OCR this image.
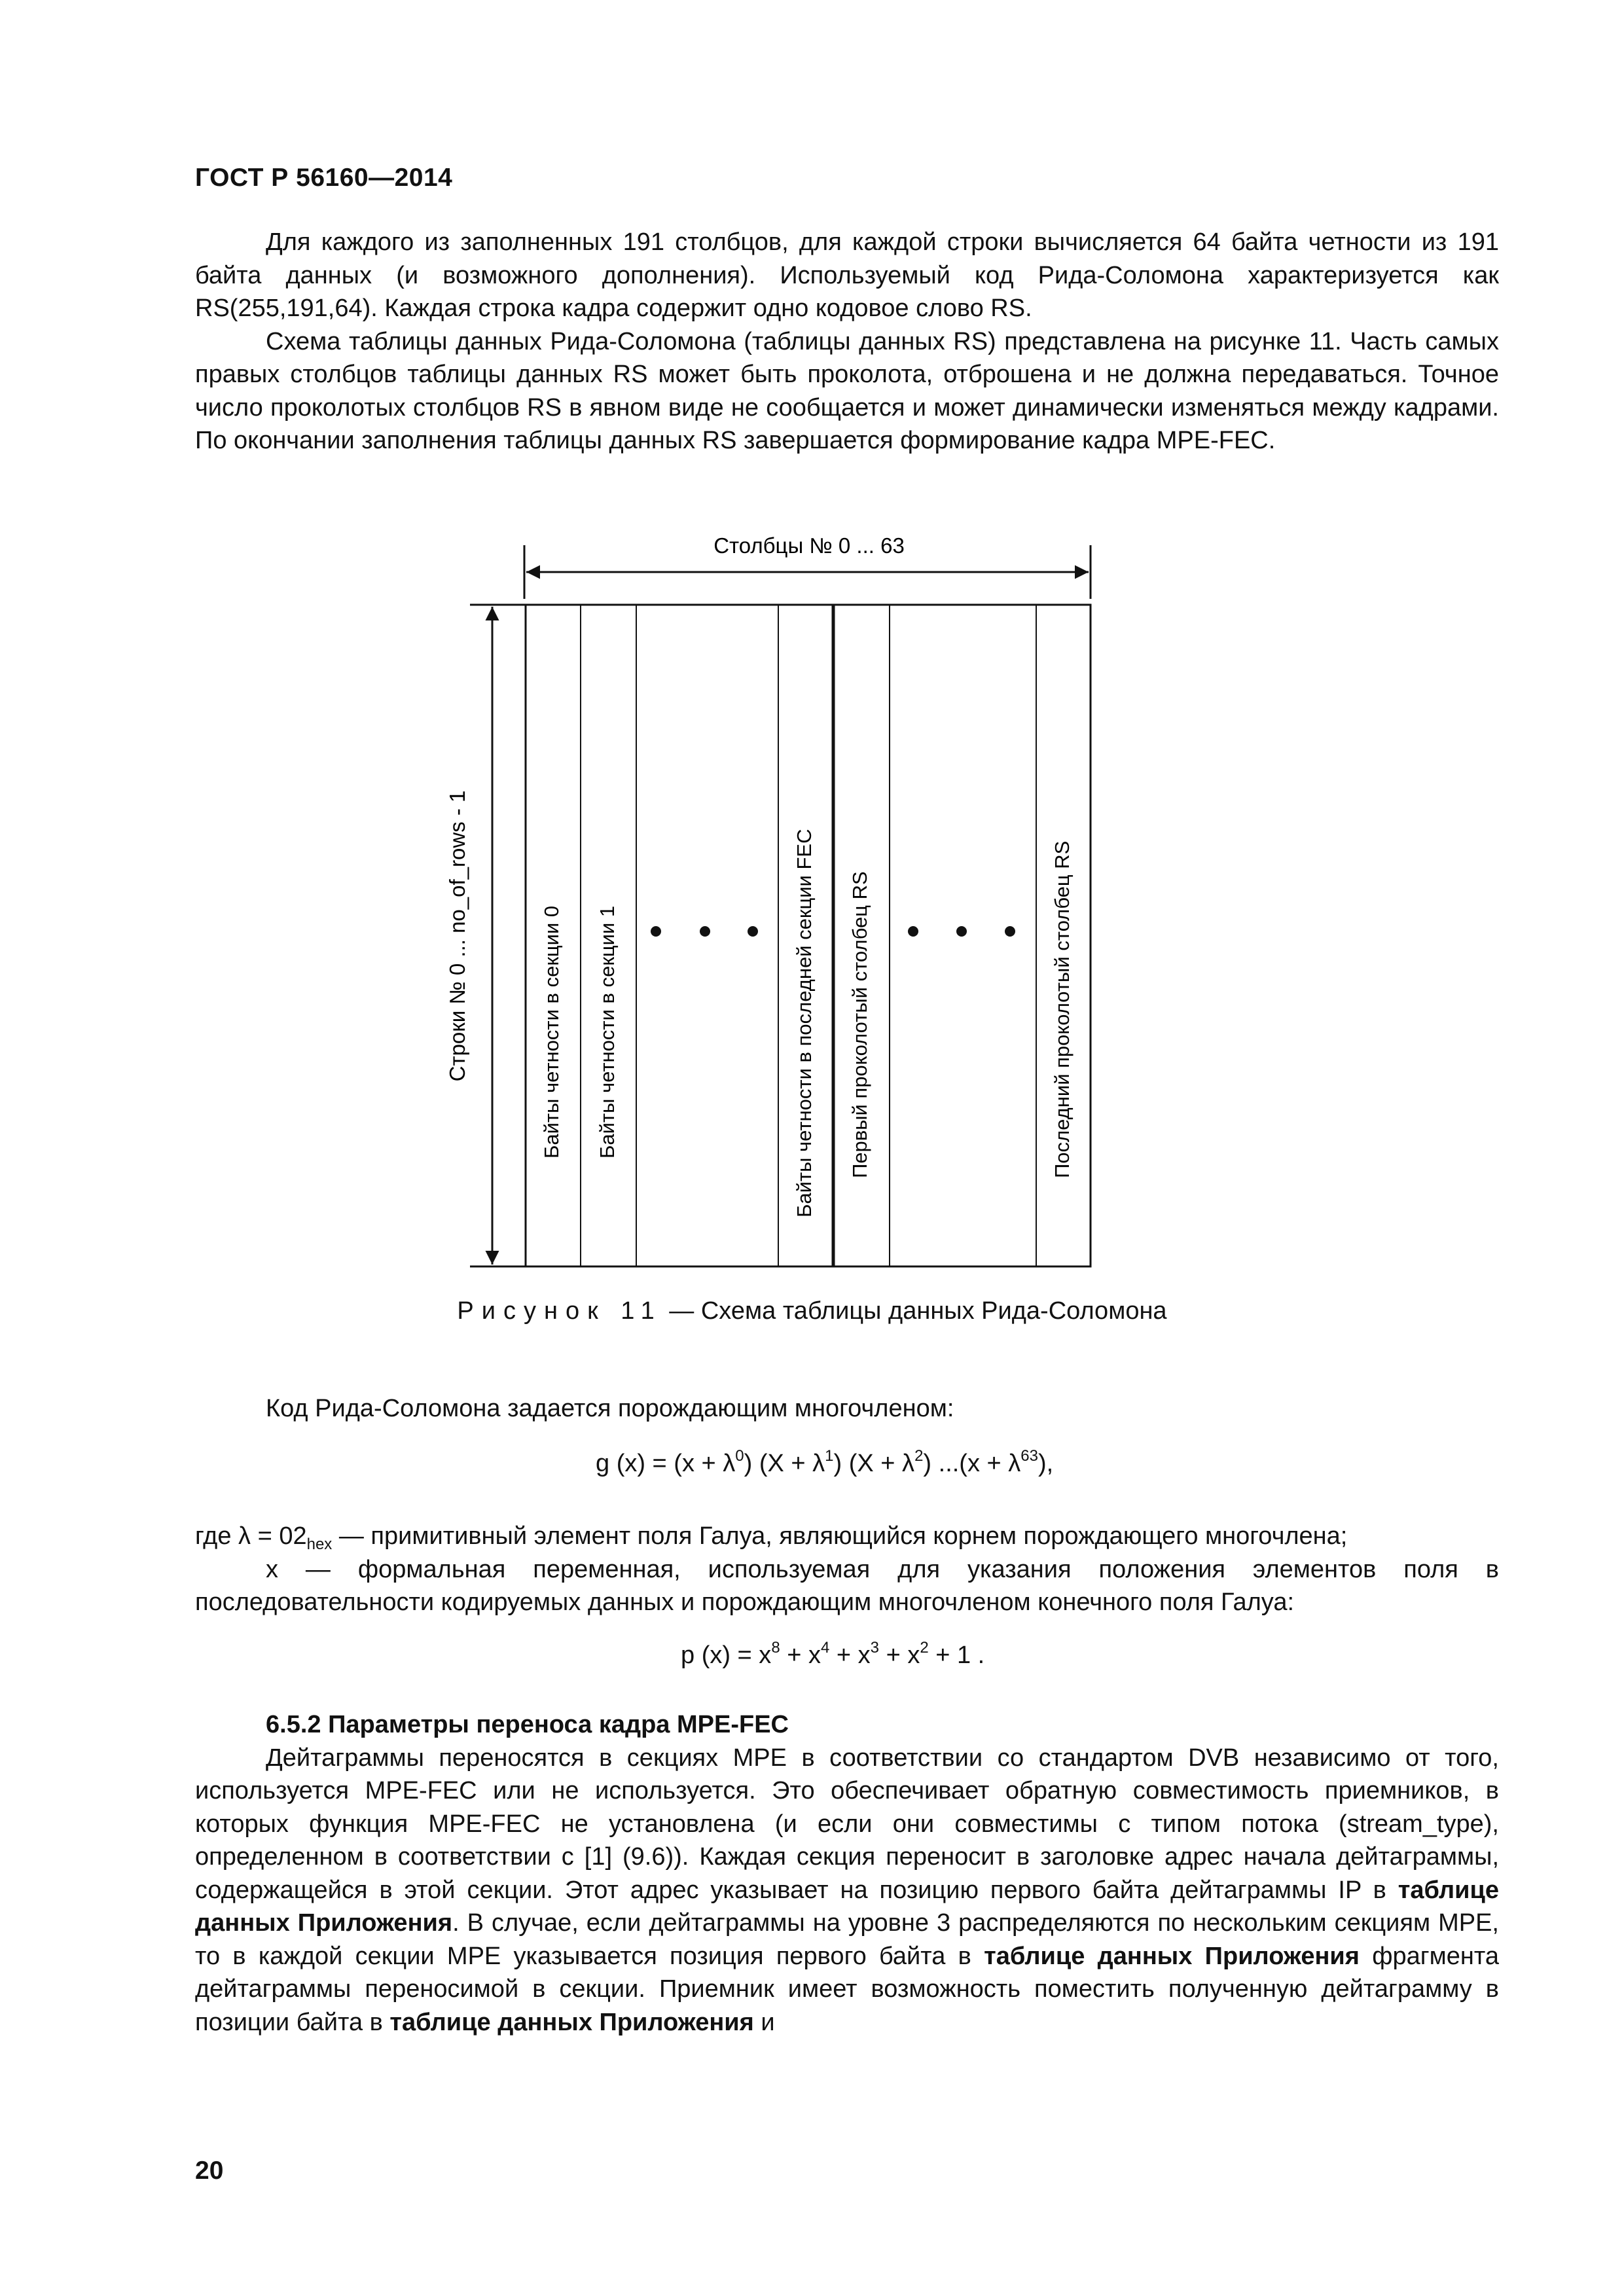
ГОСТ Р 56160—2014

Для каждого из заполненных 191 столбцов, для каждой строки вычисляется 64 байта четности из 191 байта данных (и возможного дополнения). Используемый код Рида-Соломона характеризуется как RS(255,191,64). Каждая строка кадра содержит одно кодовое слово RS.

Схема таблицы данных Рида-Соломона (таблицы данных RS) представлена на рисунке 11. Часть самых правых столбцов таблицы данных RS может быть проколота, отброшена и не должна передаваться. Точное число проколотых столбцов RS в явном виде не сообщается и может динамически изменяться между кадрами. По окончании заполнения таблицы данных RS завершается формирование кадра MPE-FEC.

Столбцы № 0 ... 63
Строки № 0 ... no_of_rows - 1	Байты четности в секции 0 Байты четности в секции 1	Байты четности в последней секции FEC Первый проколотый столбец RS	Последний проколотый столбец RS
Рисунок 11 — Схема таблицы данных Рида-Соломона

Код Рида-Соломона задается порождающим многочленом:

g $(x) = (x + \lambda^0)$ $(X + \lambda^1)$ $(X + \lambda^2)$ $...(x + \lambda^{63})$,

где $\lambda = 02_{hex}$ — примитивный элемент поля Галуа, являющийся корнем порождающего многочлена;

x — формальная переменная, используемая для указания положения элементов поля в последовательности кодируемых данных и порождающим многочленом конечного поля Галуа:

p $(x) = x^8 + x^4 + x^3 + x^2 + 1$ .

6.5.2 Параметры переноса кадра MPE-FEC

Дейтаграммы переносятся в секциях MPE в соответствии со стандартом DVB независимо от того, используется MPE-FEC или не используется. Это обеспечивает обратную совместимость приемников, в которых функция MPE-FEC не установлена (и если они совместимы с типом потока (stream_type), определенном в соответствии с [1] (9.6)). Каждая секция переносит в заголовке адрес начала дейтаграммы, содержащейся в этой секции. Этот адрес указывает на позицию первого байта дейтаграммы IP в таблице данных Приложения. В случае, если дейтаграммы на уровне 3 распределяются по нескольким секциям MPE, то в каждой секции MPE указывается позиция первого байта в таблице данных Приложения фрагмента дейтаграммы переносимой в секции. Приемник имеет возможность поместить полученную дейтаграмму в позиции байта в таблице данных Приложения и

20
